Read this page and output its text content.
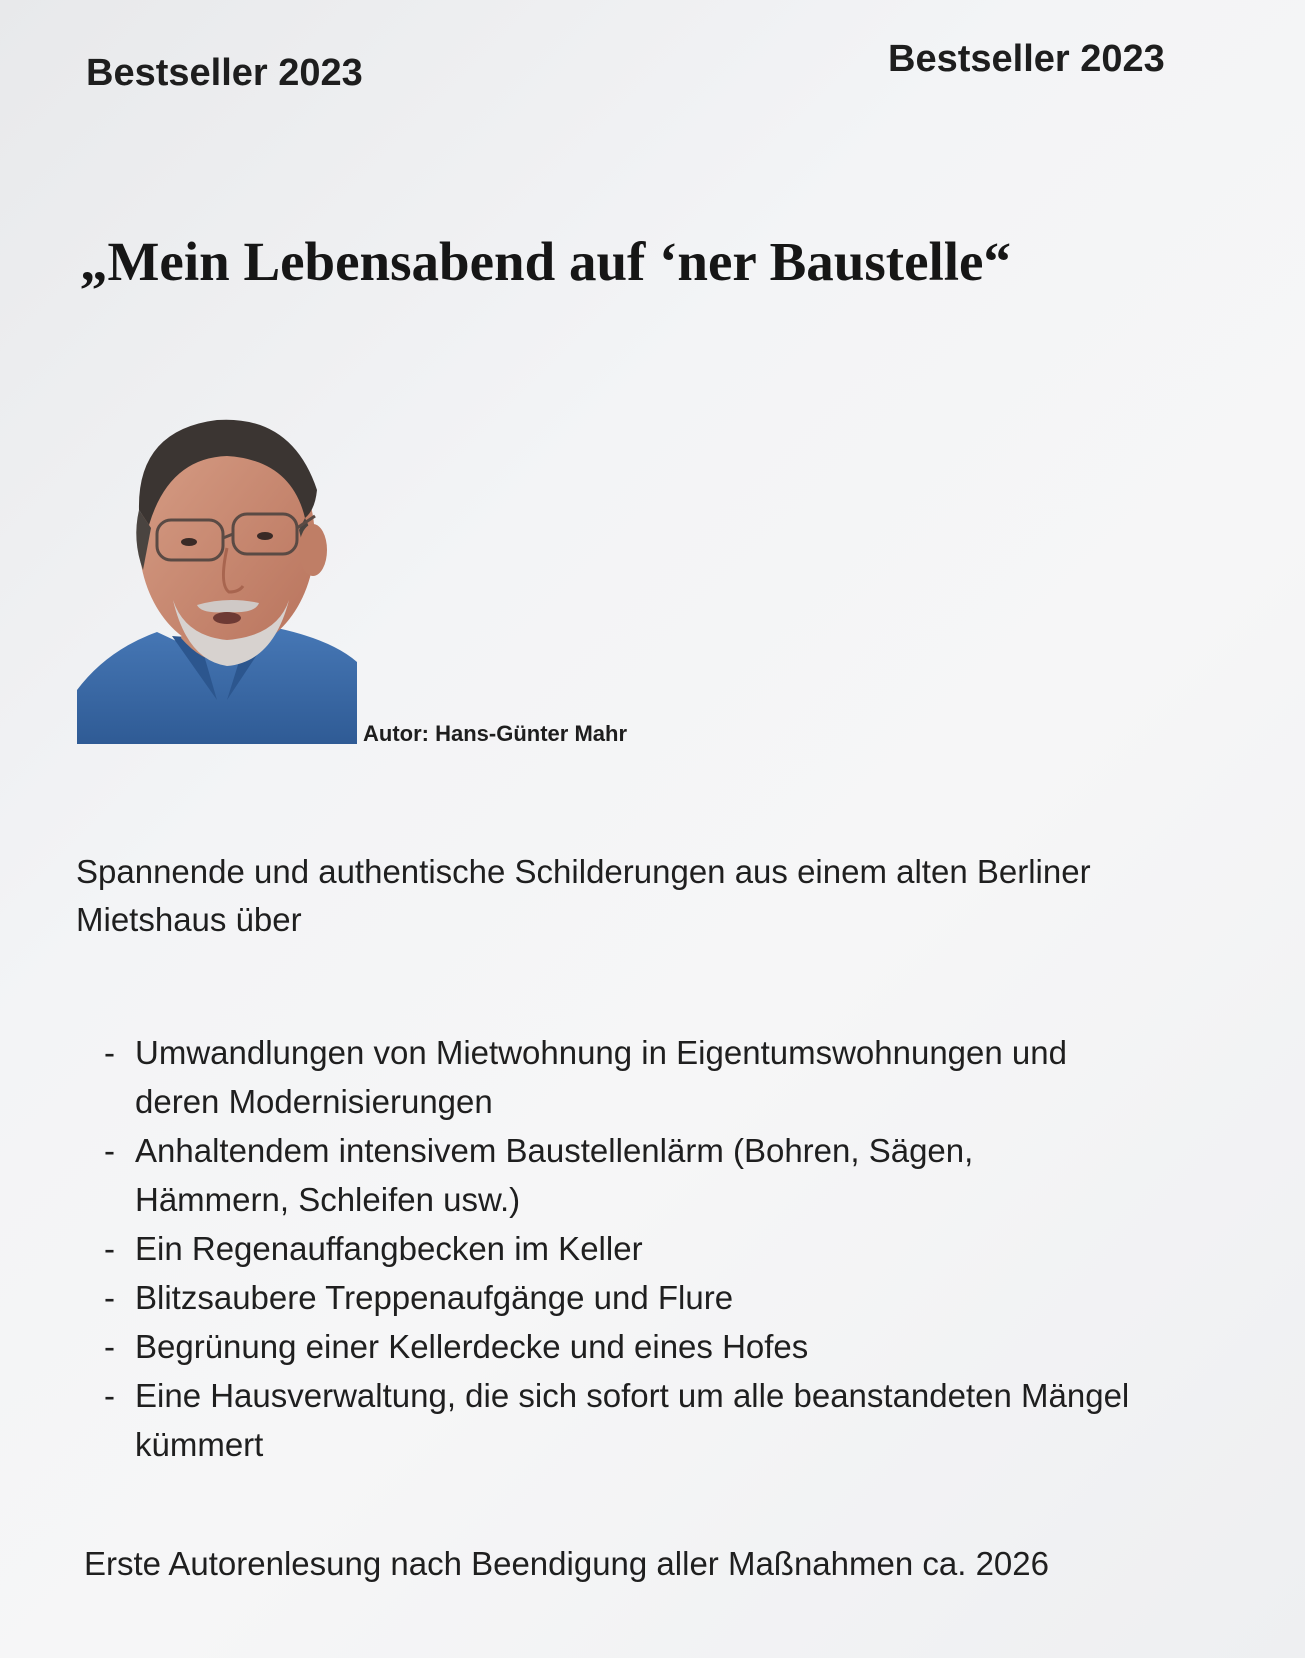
Bestseller 2023	Bestseller 2023
„Mein Lebensabend auf ‘ner Baustelle“
Autor: Hans-Günter Mahr

Spannende und authentische Schilderungen aus einem alten Berliner

Mietshaus über

- Umwandlungen von Mietwohnung in Eigentumswohnungen und
deren Modernisierungen
- Anhaltendem intensivem Baustellenlärm (Bohren, Sägen,
Hämmern, Schleifen usw.)
- Ein Regenauffangbecken im Keller
- Blitzsaubere Treppenaufgänge und Flure
- Begrünung einer Kellerdecke und eines Hofes
- Eine Hausverwaltung, die sich sofort um alle beanstandeten Mängel
kümmert
Erste Autorenlesung nach Beendigung aller Maßnahmen ca. 2026
